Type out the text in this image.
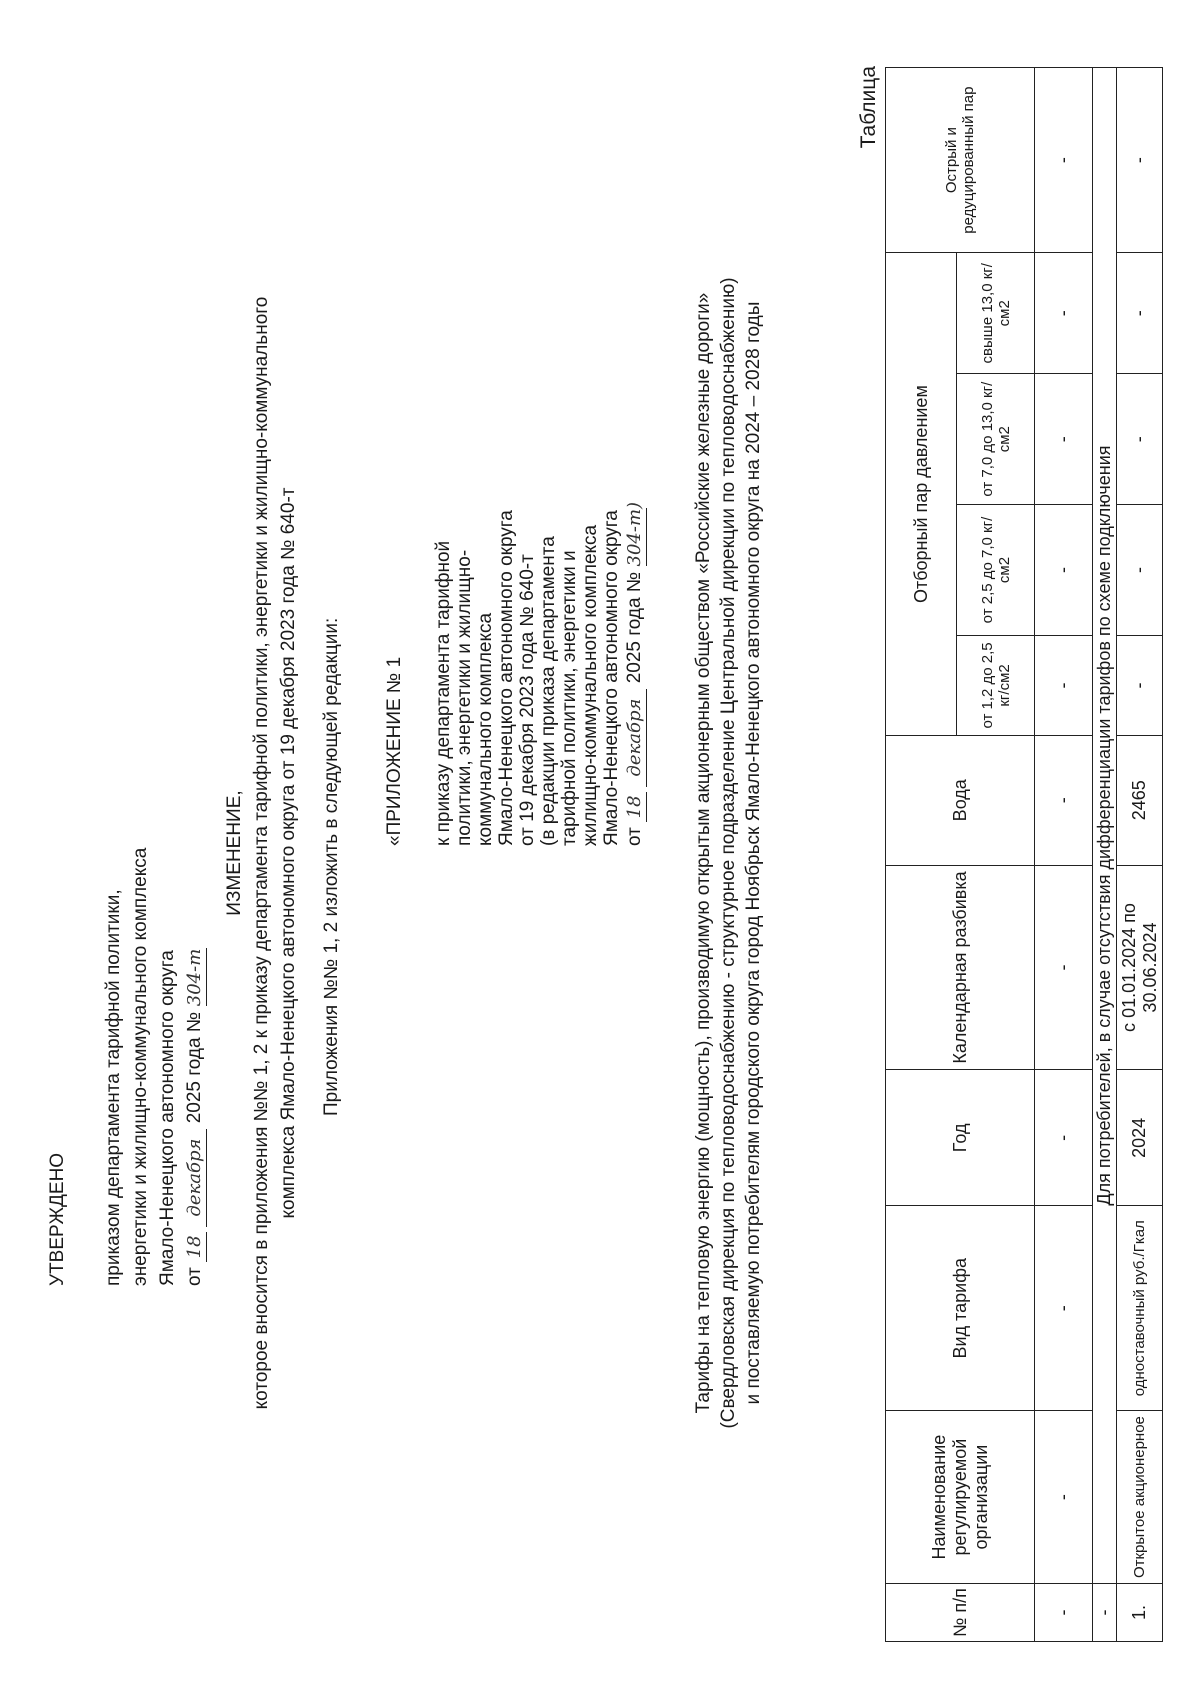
УТВЕРЖДЕНО приказом департамента тарифной политики, энергетики и жилищно-коммунального комплекса Ямало-Ненецкого автономного округа от 18 декабря 2025 года № 304-т
ИЗМЕНЕНИЕ, которое вносится в приложения №№ 1, 2 к приказу департамента тарифной политики, энергетики и жилищно-коммунального комплекса Ямало-Ненецкого автономного округа от 19 декабря 2023 года № 640-т Приложения №№ 1, 2 изложить в следующей редакции: «ПРИЛОЖЕНИЕ № 1 к приказу департамента тарифной политики, энергетики и жилищно- коммунального комплекса Ямало-Ненецкого автономного округа от 19 декабря 2023 года № 640-т (в редакции приказа департамента тарифной политики, энергетики и жилищно-коммунального комплекса Ямало-Ненецкого автономного округа от 18 декабря 2025 года № 304-т)	Тарифы на тепловую энергию (мощность), производимую открытым акционерным обществом «Российские железные дороги» (Свердловская дирекция по тепловодоснабжению - структурное подразделение Центральной дирекции по тепловодоснабжению) и поставляемую потребителям городского округа город Ноябрьск Ямало-Ненецкого автономного округа на 2024 – 2028 годы
Таблица
№ п/п	Наименование регулируемой организации	Вид тарифа	Год	Календарная разбивка	Вода	Отборный пар давлением				Острый и редуцированный пар
						от 1,2 до 2,5 кг/см2	от 2,5 до 7,0 кг/см2	от 7,0 до 13,0 кг/см2	свыше 13,0 кг/см2	
-	-	-	-	-	-	-	-	-	-	-
-	Для потребителей, в случае отсутствия дифференциации тарифов по схеме подключения									
1.	Открытое акционерное	одноставочный руб./Гкал	2024	с 01.01.2024 по 30.06.2024	2465	-	-	-	-	-
